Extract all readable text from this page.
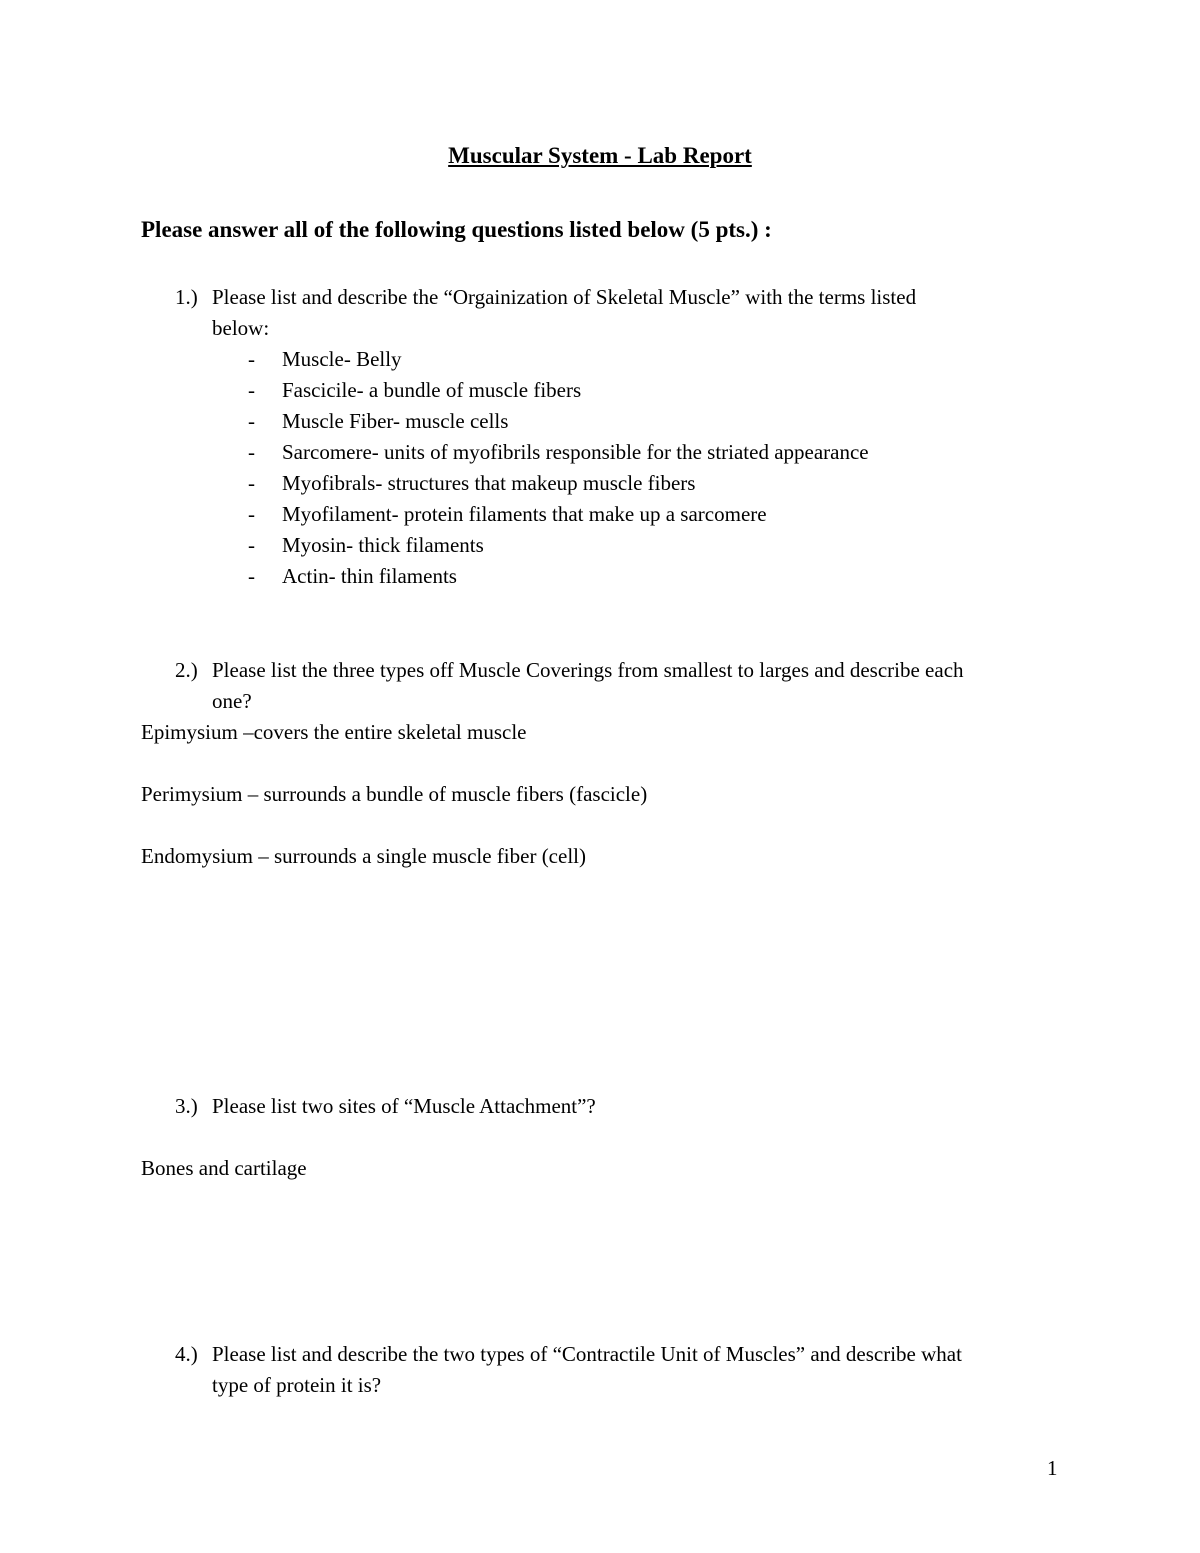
Muscular System - Lab Report
Please answer all of the following questions listed below (5 pts.) :
1.) Please list and describe the “Orgainization of Skeletal Muscle” with the terms listed
below:
- Muscle- Belly
- Fascicile- a bundle of muscle fibers
- Muscle Fiber- muscle cells
- Sarcomere- units of myofibrils responsible for the striated appearance
- Myofibrals- structures that makeup muscle fibers
- Myofilament- protein filaments that make up a sarcomere
- Myosin- thick filaments
- Actin- thin filaments
2.) Please list the three types off Muscle Coverings from smallest to larges and describe each
one?
Epimysium –covers the entire skeletal muscle
Perimysium – surrounds a bundle of muscle fibers (fascicle)
Endomysium – surrounds a single muscle fiber (cell)
3.) Please list two sites of “Muscle Attachment”?
Bones and cartilage
4.) Please list and describe the two types of “Contractile Unit of Muscles” and describe what
type of protein it is?
1
